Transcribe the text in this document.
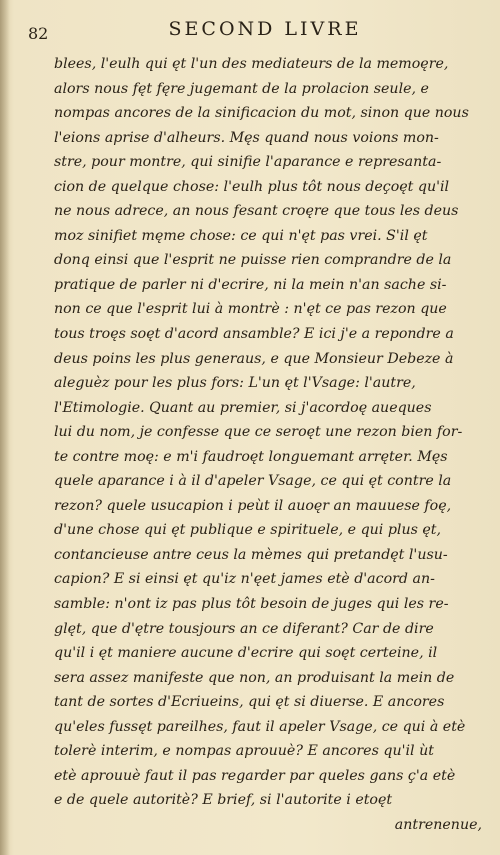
82	SECOND LIVRE
blees, l'eulh qui ęt l'un des mediateurs de la memoęre,
alors nous fęt fęre jugemant de la prolacion seule, e
nompas ancores de la sinificacion du mot, sinon que nous
l'eions aprise d'alheurs. Męs quand nous voions mon-
stre, pour montre, qui sinifie l'aparance e represanta-
cion de quelque chose: l'eulh plus tôt nous deçoęt qu'il
ne nous adrece, an nous fesant croęre que tous les deus
moz sinifiet męme chose: ce qui n'ęt pas vrei. S'il ęt
donq einsi que l'esprit ne puisse rien comprandre de la
pratique de parler ni d'ecrire, ni la mein n'an sache si-
non ce que l'esprit lui à montrè : n'ęt ce pas rezon que
tous troęs soęt d'acord ansamble? E ici j'e a repondre a
deus poins les plus generaus, e que Monsieur Debeze à
aleguèz pour les plus fors: L'un ęt l'Vsage: l'autre,
l'Etimologie. Quant au premier, si j'acordoę aueques
lui du nom, je confesse que ce seroęt une rezon bien for-
te contre moę: e m'i faudroęt longuemant arręter. Męs
quele aparance i à il d'apeler Vsage, ce qui ęt contre la
rezon? quele usucapion i peùt il auoęr an mauuese foę,
d'une chose qui ęt publique e spirituele, e qui plus ęt,
contancieuse antre ceus la mèmes qui pretandęt l'usu-
capion? E si einsi ęt qu'iz n'ęet james etè d'acord an-
samble: n'ont iz pas plus tôt besoin de juges qui les re-
glęt, que d'ętre tousjours an ce diferant? Car de dire
qu'il i ęt maniere aucune d'ecrire qui soęt certeine, il
sera assez manifeste que non, an produisant la mein de
tant de sortes d'Ecriueins, qui ęt si diuerse. E ancores
qu'eles fussęt pareilhes, faut il apeler Vsage, ce qui à etè
tolerè interim, e nompas aprouuè? E ancores qu'il ùt
etè aprouuè faut il pas regarder par queles gans ç'a etè
e de quele autoritè? E brief, si l'autorite i etoęt
antrenenue,
